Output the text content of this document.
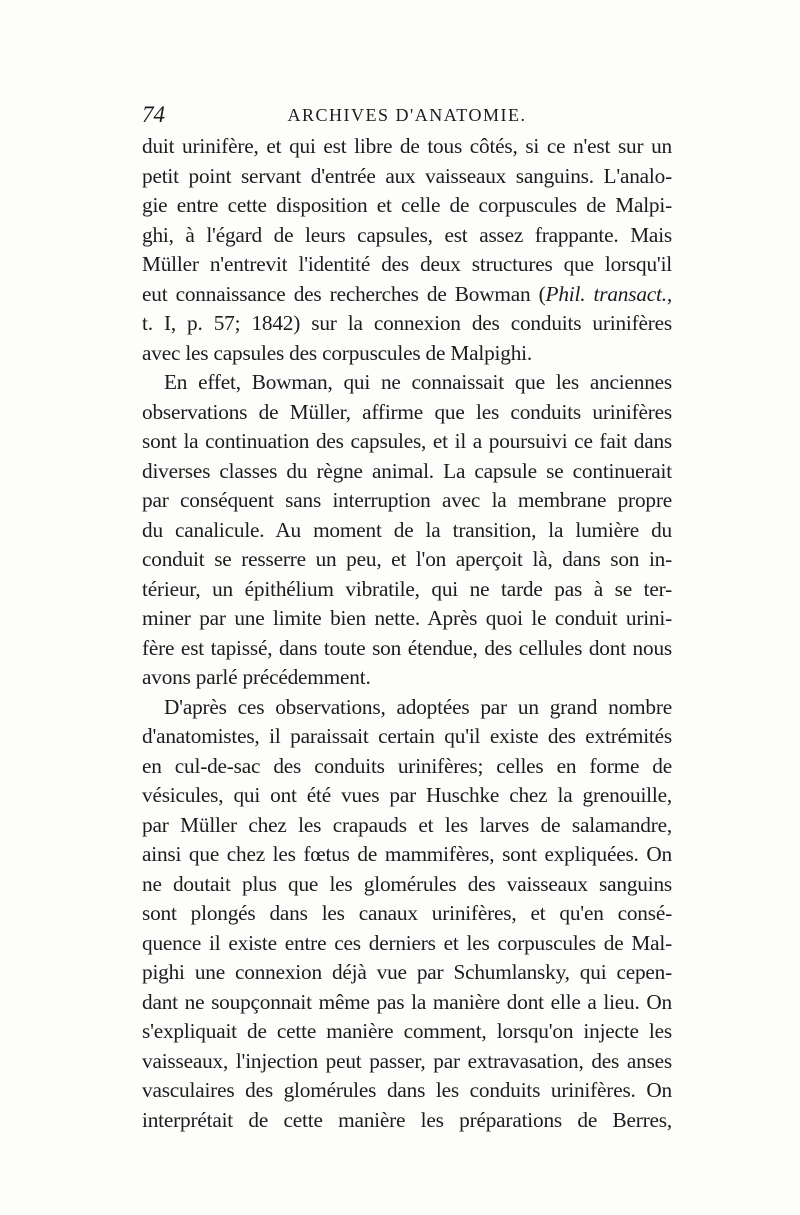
74	ARCHIVES D'ANATOMIE.
duit urinifère, et qui est libre de tous côtés, si ce n'est sur un
petit point servant d'entrée aux vaisseaux sanguins. L'analo-
gie entre cette disposition et celle de corpuscules de Malpi-
ghi, à l'égard de leurs capsules, est assez frappante. Mais
Müller n'entrevit l'identité des deux structures que lorsqu'il
eut connaissance des recherches de Bowman (Phil. transact.,
t. I, p. 57; 1842) sur la connexion des conduits urinifères
avec les capsules des corpuscules de Malpighi.
En effet, Bowman, qui ne connaissait que les anciennes
observations de Müller, affirme que les conduits urinifères
sont la continuation des capsules, et il a poursuivi ce fait dans
diverses classes du règne animal. La capsule se continuerait
par conséquent sans interruption avec la membrane propre
du canalicule. Au moment de la transition, la lumière du
conduit se resserre un peu, et l'on aperçoit là, dans son in-
térieur, un épithélium vibratile, qui ne tarde pas à se ter-
miner par une limite bien nette. Après quoi le conduit urini-
fère est tapissé, dans toute son étendue, des cellules dont nous
avons parlé précédemment.
D'après ces observations, adoptées par un grand nombre
d'anatomistes, il paraissait certain qu'il existe des extrémités
en cul-de-sac des conduits urinifères; celles en forme de
vésicules, qui ont été vues par Huschke chez la grenouille,
par Müller chez les crapauds et les larves de salamandre,
ainsi que chez les fœtus de mammifères, sont expliquées. On
ne doutait plus que les glomérules des vaisseaux sanguins
sont plongés dans les canaux urinifères, et qu'en consé-
quence il existe entre ces derniers et les corpuscules de Mal-
pighi une connexion déjà vue par Schumlansky, qui cepen-
dant ne soupçonnait même pas la manière dont elle a lieu. On
s'expliquait de cette manière comment, lorsqu'on injecte les
vaisseaux, l'injection peut passer, par extravasation, des anses
vasculaires des glomérules dans les conduits urinifères. On
interprétait de cette manière les préparations de Berres,
